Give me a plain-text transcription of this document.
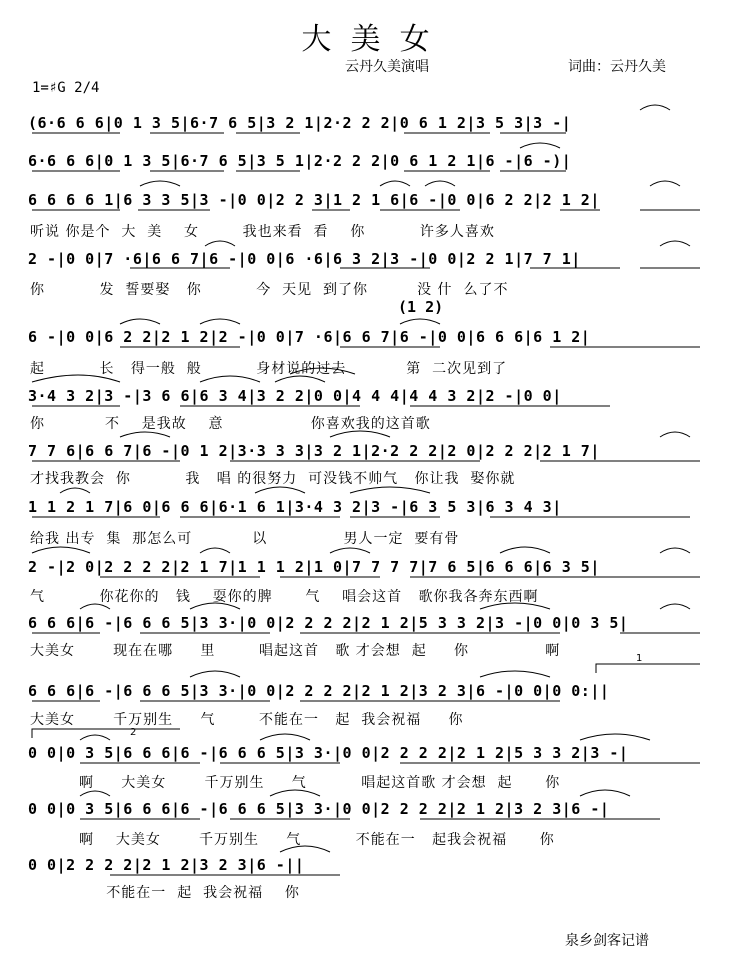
大  美  女
云丹久美演唱	词曲：云丹久美
1=♯G 2/4
(6·6 6 6|0 1 3 5|6·7 6 5|3 2 1|2·2 2 2|0 6 1 2|3 5 3|3 -|
6·6 6 6|0 1 3 5|6·7 6 5|3 5 1|2·2 2 2|0 6 1 2 1|6 -|6 -)|
6 6 6 6 1|6 3 3 5|3 -|0 0|2 2 3|1 2 1 6|6 -|0 0|6 2 2|2 1 2|
听说 你是个  大  美    女        我也来看  看    你          许多人喜欢
2 -|0 0|7 ·6|6 6 7|6 -|0 0|6 ·6|6 3 2|3 -|0 0|2 2 1|7 7 1|
你          发  誓要娶   你          今  天见  到了你         没 什  么了不
(1 2)
6 -|0 0|6 2 2|2 1 2|2 -|0 0|7 ·6|6 6 7|6 -|0 0|6 6 6|6 1 2|
起          长   得一般  般          身材说的过去           第  二次见到了
3·4 3 2|3 -|3 6 6|6 3 4|3 2 2|0 0|4 4 4|4 4 3 2|2 -|0 0|
你           不    是我故    意                你喜欢我的这首歌
7 7 6|6 6 7|6 -|0 1 2|3·3 3 3|3 2 1|2·2 2 2|2 0|2 2 2|2 1 7|
才找我教会  你          我   唱 的很努力  可没钱不帅气   你让我  娶你就
1 1 2 1 7|6 0|6 6 6|6·1 6 1|3·4 3 2|3 -|6 3 5 3|6 3 4 3|
给我 出专  集  那怎么可           以              男人一定  要有骨
2 -|2 0|2 2 2 2|2 1 7|1 1 1 2|1 0|7 7 7 7|7 6 5|6 6 6|6 3 5|
气          你花你的   钱    耍你的脾      气    唱会这首   歌你我各奔东西啊
6 6 6|6 -|6 6 6 5|3 3·|0 0|2 2 2 2|2 1 2|5 3 3 2|3 -|0 0|0 3 5|
大美女       现在在哪     里        唱起这首   歌 才会想  起     你              啊
6 6 6|6 -|6 6 6 5|3 3·|0 0|2 2 2 2|2 1 2|3 2 3|6 -|0 0|0 0:||
大美女       千万别生     气        不能在一   起  我会祝福     你
0 0|0 3 5|6 6 6|6 -|6 6 6 5|3 3·|0 0|2 2 2 2|2 1 2|5 3 3 2|3 -|
啊     大美女       千万别生     气          唱起这首歌 才会想  起      你
0 0|0 3 5|6 6 6|6 -|6 6 6 5|3 3·|0 0|2 2 2 2|2 1 2|3 2 3|6 -|
啊    大美女       千万别生     气          不能在一   起我会祝福      你
0 0|2 2 2 2|2 1 2|3 2 3|6 -||
不能在一  起  我会祝福    你
泉乡剑客记谱
1
2
